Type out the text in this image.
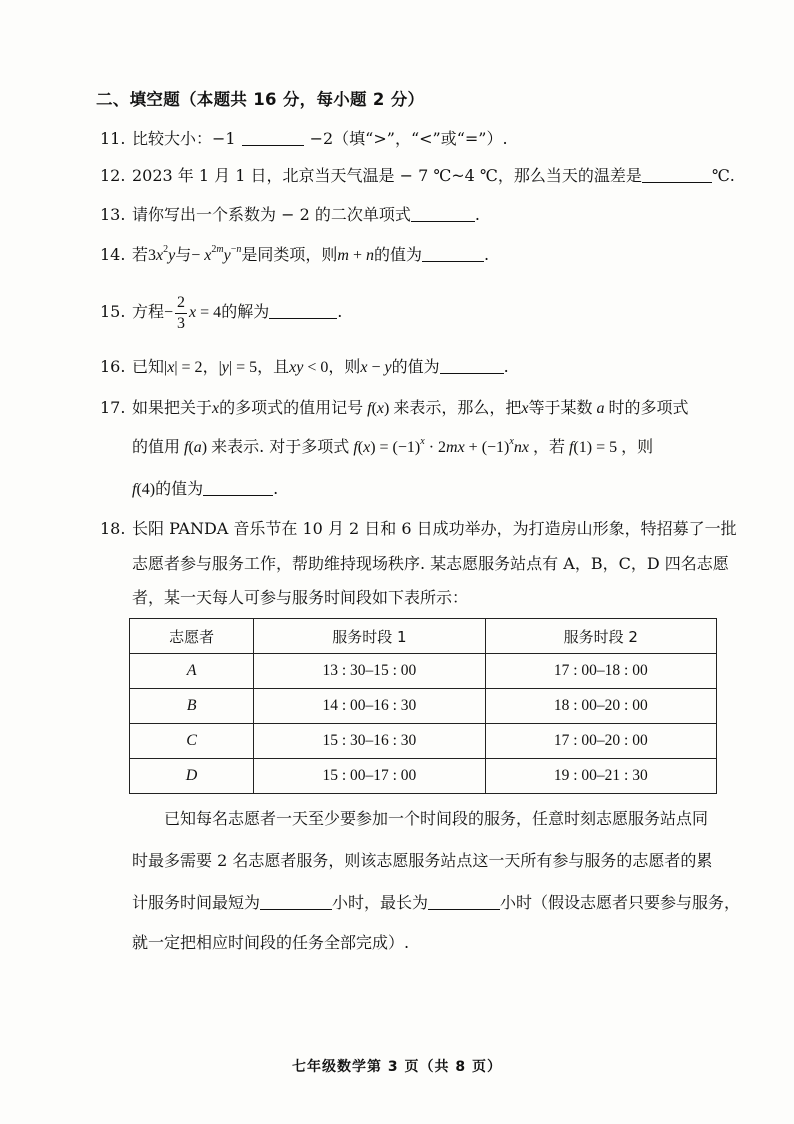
二、填空题（本题共 16 分，每小题 2 分）
11. 比较大小：−1	−2（填“>”，“<”或“=”）.
12. 2023 年 1 月 1 日，北京当天气温是 − 7 ℃~4 ℃，那么当天的温差是	℃.
13. 请你写出一个系数为 − 2 的二次单项式	.
14. 若$3x^2y$与− $x^{2m}y^{-n}$是同类项，则m + n的值为	.
15. 方程− $\frac{2}{3}$ x = 4的解为	.
16. 已知|x| = 2，|y| = 5，且xy < 0，则x − y的值为	.
17. 如果把关于x的多项式的值用记号 f(x) 来表示，那么，把x等于某数 a 时的多项式
的值用 f(a) 来表示. 对于多项式 $f(x) = (-1)^x \cdot 2mx + (-1)^xnx$ ，若 f(1) = 5 ，则
f(4)的值为	.
18. 长阳 PANDA 音乐节在 10 月 2 日和 6 日成功举办，为打造房山形象，特招募了一批
志愿者参与服务工作，帮助维持现场秩序. 某志愿服务站点有 A，B，C，D 四名志愿
者，某一天每人可参与服务时间段如下表所示：
志愿者	服务时段 1	服务时段 2
A	13 : 30–15 : 00	17 : 00–18 : 00
B	14 : 00–16 : 30	18 : 00–20 : 00
C	15 : 30–16 : 30	17 : 00–20 : 00
D	15 : 00–17 : 00	19 : 00–21 : 30
已知每名志愿者一天至少要参加一个时间段的服务，任意时刻志愿服务站点同
时最多需要 2 名志愿者服务，则该志愿服务站点这一天所有参与服务的志愿者的累
计服务时间最短为	小时，最长为	小时（假设志愿者只要参与服务，
就一定把相应时间段的任务全部完成）.
七年级数学第 3 页（共 8 页）
